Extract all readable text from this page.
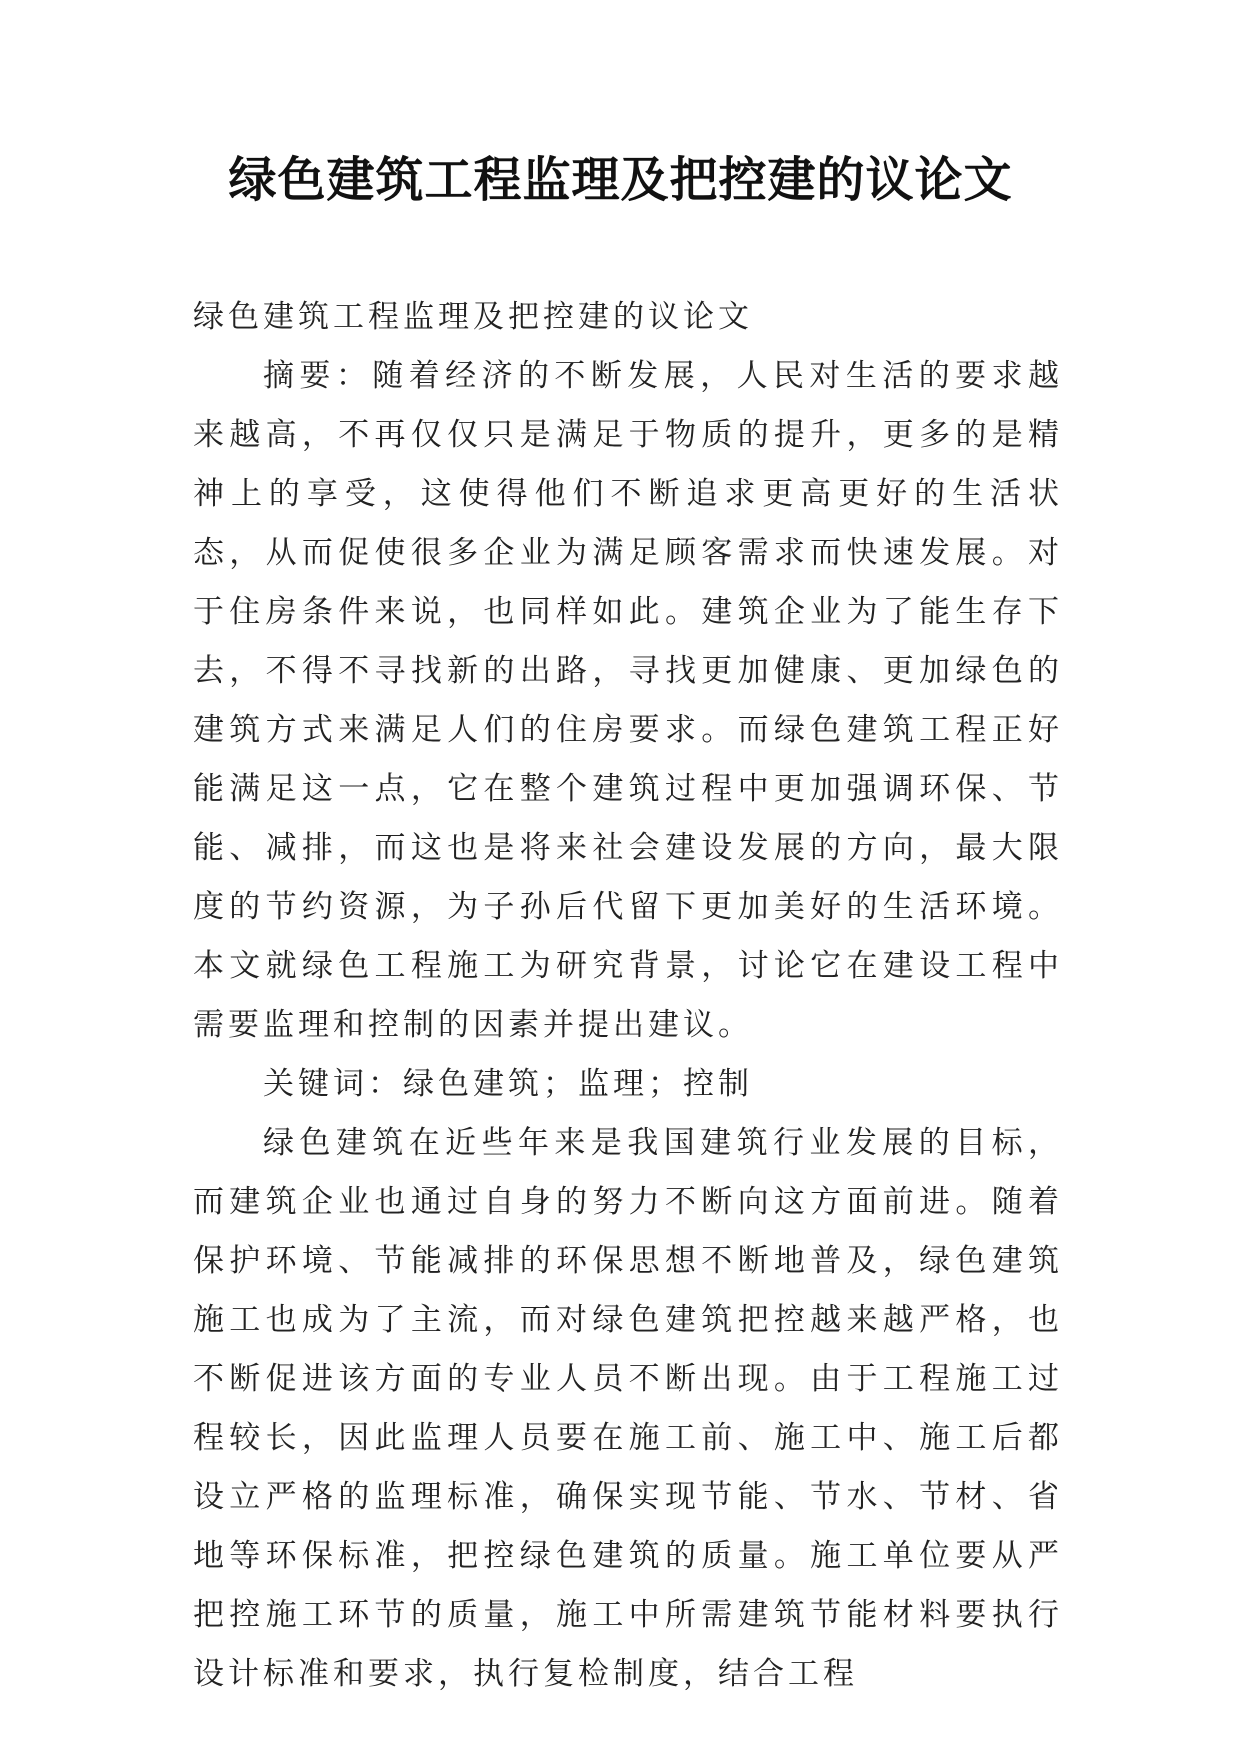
绿色建筑工程监理及把控建的议论文

绿色建筑工程监理及把控建的议论文

摘要：随着经济的不断发展，人民对生活的要求越来越高，不再仅仅只是满足于物质的提升，更多的是精神上的享受，这使得他们不断追求更高更好的生活状态，从而促使很多企业为满足顾客需求而快速发展。对于住房条件来说，也同样如此。建筑企业为了能生存下去，不得不寻找新的出路，寻找更加健康、更加绿色的建筑方式来满足人们的住房要求。而绿色建筑工程正好能满足这一点，它在整个建筑过程中更加强调环保、节能、减排，而这也是将来社会建设发展的方向，最大限度的节约资源，为子孙后代留下更加美好的生活环境。本文就绿色工程施工为研究背景，讨论它在建设工程中需要监理和控制的因素并提出建议。

关键词：绿色建筑；监理；控制

绿色建筑在近些年来是我国建筑行业发展的目标，而建筑企业也通过自身的努力不断向这方面前进。随着保护环境、节能减排的环保思想不断地普及，绿色建筑施工也成为了主流，而对绿色建筑把控越来越严格，也不断促进该方面的专业人员不断出现。由于工程施工过程较长，因此监理人员要在施工前、施工中、施工后都设立严格的监理标准，确保实现节能、节水、节材、省地等环保标准，把控绿色建筑的质量。施工单位要从严把控施工环节的质量，施工中所需建筑节能材料要执行设计标准和要求，执行复检制度，结合工程
